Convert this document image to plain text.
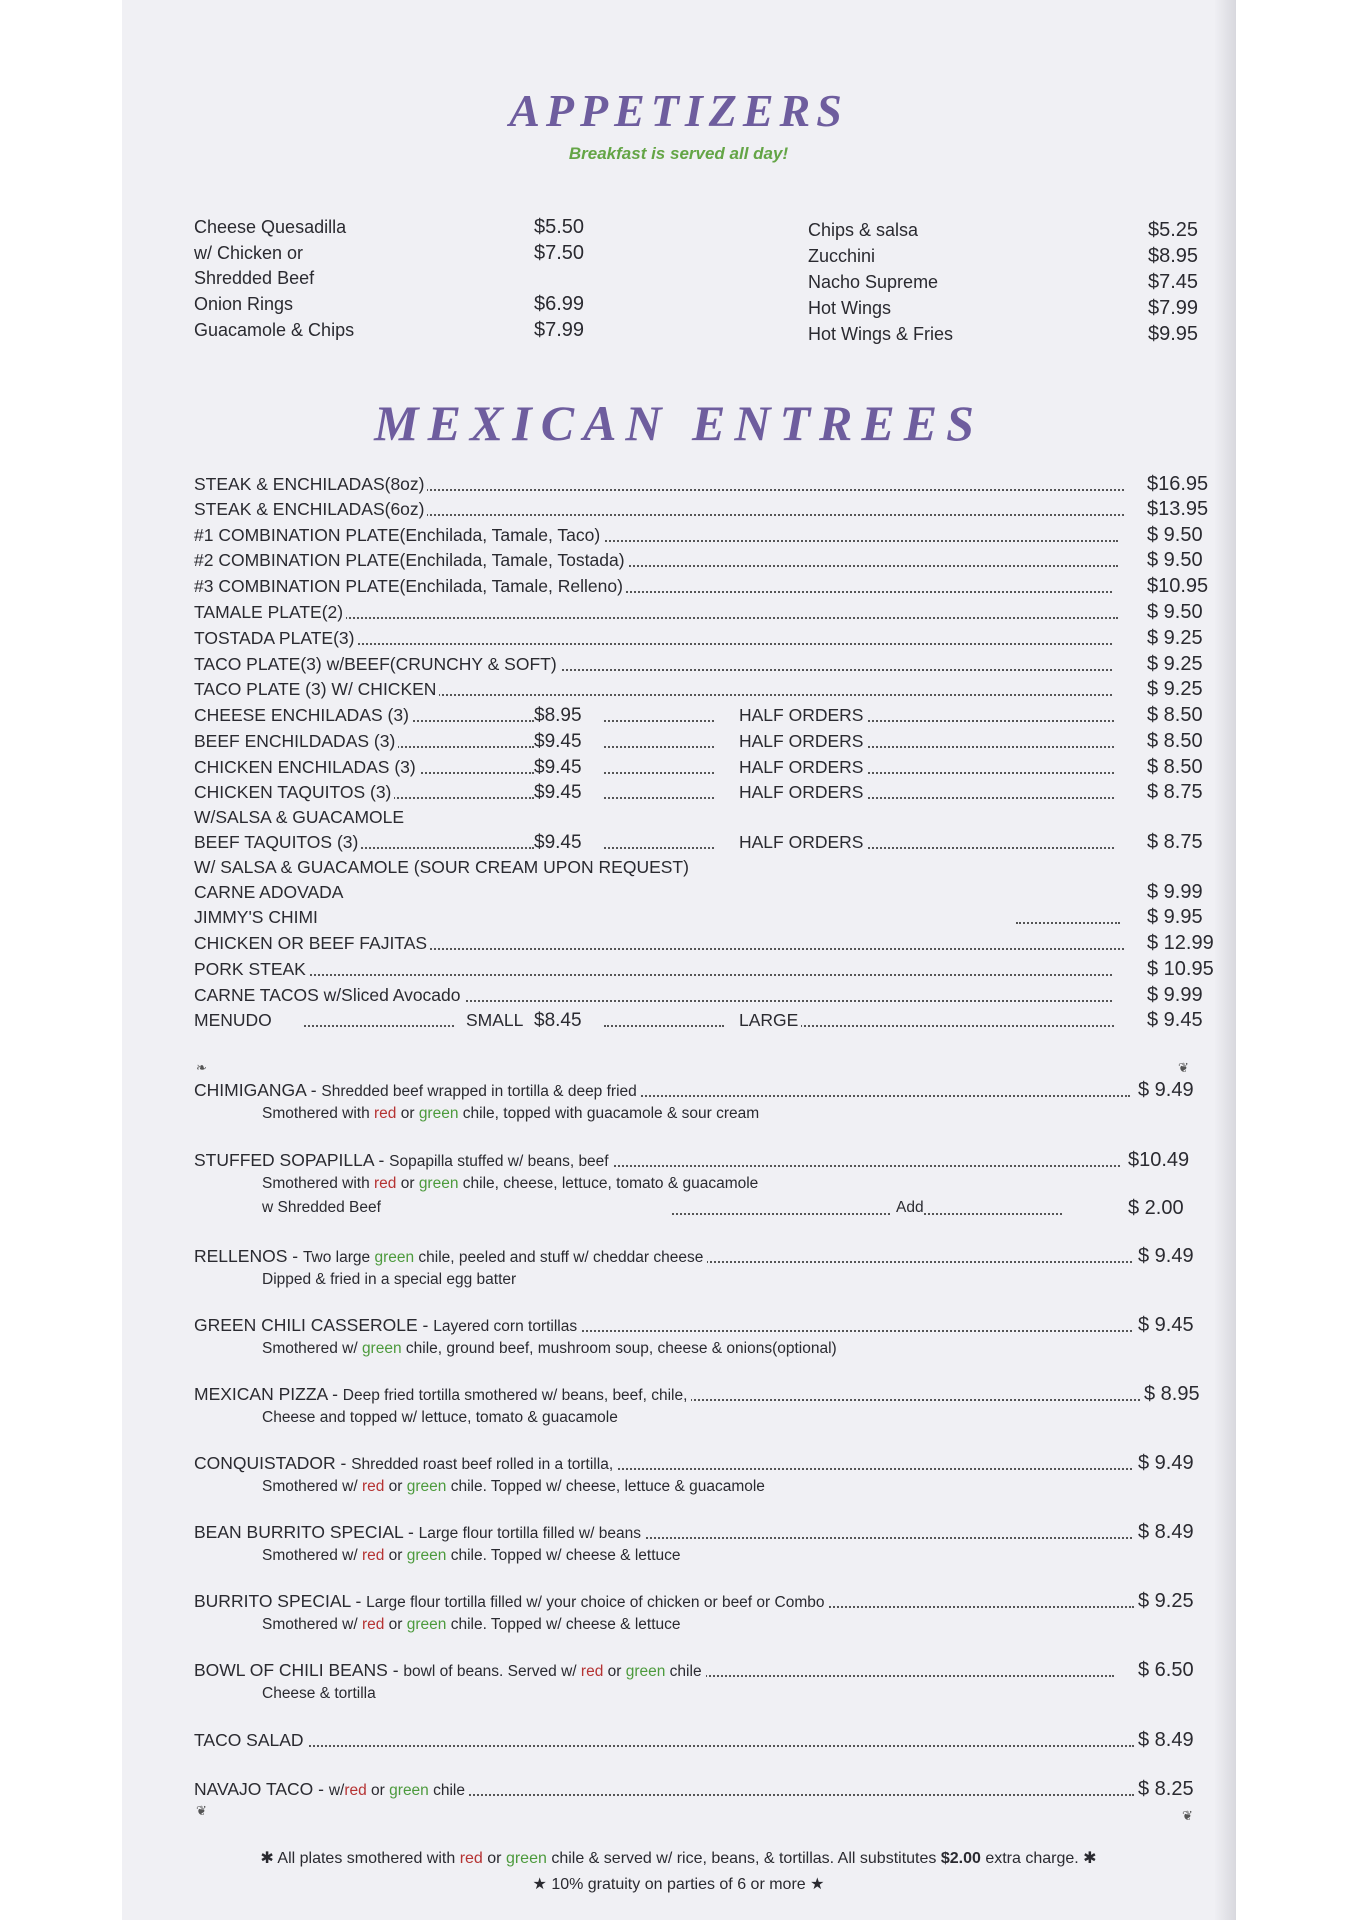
APPETIZERS
Breakfast is served all day!
Cheese Quesadilla	$5.50
w/ Chicken or	$7.50
Shredded Beef
Onion Rings	$6.99
Guacamole & Chips	$7.99
Chips & salsa	$5.25
Zucchini	$8.95
Nacho Supreme	$7.45
Hot Wings	$7.99
Hot Wings & Fries	$9.95
MEXICAN ENTREES
STEAK & ENCHILADAS(8oz)	$16.95
STEAK & ENCHILADAS(6oz)	$13.95
#1 COMBINATION PLATE(Enchilada, Tamale, Taco)	$ 9.50
#2 COMBINATION PLATE(Enchilada, Tamale, Tostada)	$ 9.50
#3 COMBINATION PLATE(Enchilada, Tamale, Relleno)	$10.95
TAMALE PLATE(2)	$ 9.50
TOSTADA PLATE(3)	$ 9.25
TACO PLATE(3) w/BEEF(CRUNCHY & SOFT)	$ 9.25
TACO PLATE (3) W/ CHICKEN	$ 9.25
CHEESE ENCHILADAS (3)	$8.95	HALF ORDERS	$ 8.50
BEEF ENCHILDADAS (3)	$9.45	HALF ORDERS	$ 8.50
CHICKEN ENCHILADAS (3)	$9.45	HALF ORDERS	$ 8.50
CHICKEN TAQUITOS (3)	$9.45	HALF ORDERS	$ 8.75
W/SALSA & GUACAMOLE
BEEF TAQUITOS (3)	$9.45	HALF ORDERS	$ 8.75
W/ SALSA & GUACAMOLE (SOUR CREAM UPON REQUEST)
CARNE ADOVADA	$ 9.99
JIMMY'S CHIMI	$ 9.95
CHICKEN OR BEEF FAJITAS	$ 12.99
PORK STEAK	$ 10.95
CARNE TACOS w/Sliced Avocado	$ 9.99
MENUDO	SMALL $8.45	LARGE	$ 9.45
❧	❦
CHIMIGANGA - Shredded beef wrapped in tortilla & deep fried	$ 9.49
Smothered with red or green chile, topped with guacamole & sour cream
STUFFED SOPAPILLA - Sopapilla stuffed w/ beans, beef	$10.49
Smothered with red or green chile, cheese, lettuce, tomato & guacamole
w Shredded Beef	Add	$ 2.00
RELLENOS - Two large green chile, peeled and stuff w/ cheddar cheese	$ 9.49
Dipped & fried in a special egg batter
GREEN CHILI CASSEROLE - Layered corn tortillas	$ 9.45
Smothered w/ green chile, ground beef, mushroom soup, cheese & onions(optional)
MEXICAN PIZZA - Deep fried tortilla smothered w/ beans, beef, chile,	$ 8.95
Cheese and topped w/ lettuce, tomato & guacamole
CONQUISTADOR - Shredded roast beef rolled in a tortilla,	$ 9.49
Smothered w/ red or green chile. Topped w/ cheese, lettuce & guacamole
BEAN BURRITO SPECIAL - Large flour tortilla filled w/ beans	$ 8.49
Smothered w/ red or green chile. Topped w/ cheese & lettuce
BURRITO SPECIAL - Large flour tortilla filled w/ your choice of chicken or beef or Combo	$ 9.25
Smothered w/ red or green chile. Topped w/ cheese & lettuce
BOWL OF CHILI BEANS - bowl of beans. Served w/ red or green chile	$ 6.50
Cheese & tortilla
TACO SALAD	$ 8.49
NAVAJO TACO - w/red or green chile	$ 8.25
❦	❦
✱ All plates smothered with red or green chile & served w/ rice, beans, & tortillas. All substitutes $2.00 extra charge. ✱
★ 10% gratuity on parties of 6 or more ★
